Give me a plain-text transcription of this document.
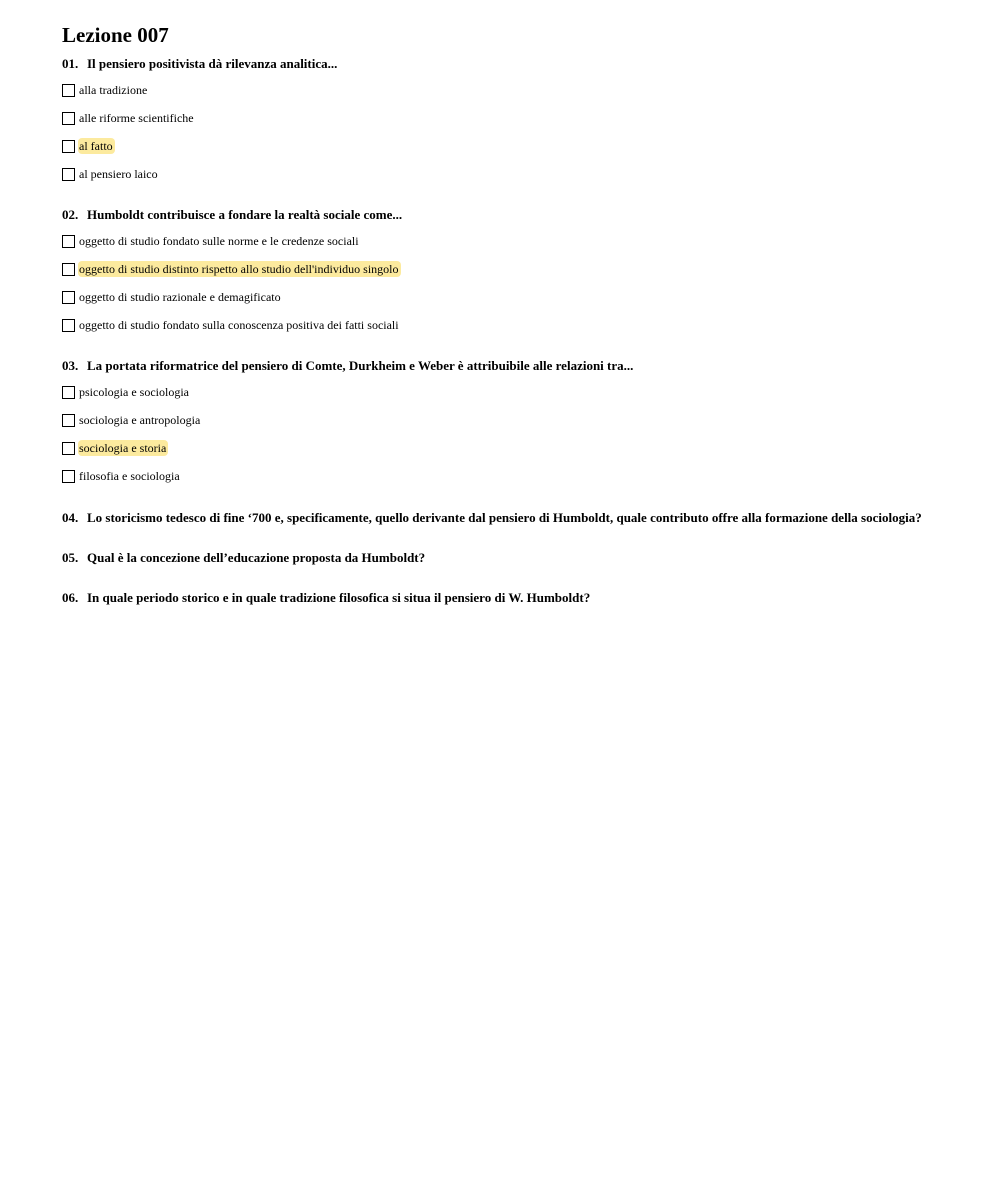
Lezione 007
01. Il pensiero positivista dà rilevanza analitica...
alla tradizione
alle riforme scientifiche
al fatto
al pensiero laico
02. Humboldt contribuisce a fondare la realtà sociale come...
oggetto di studio fondato sulle norme e le credenze sociali
oggetto di studio distinto rispetto allo studio dell'individuo singolo
oggetto di studio razionale e demagificato
oggetto di studio fondato sulla conoscenza positiva dei fatti sociali
03. La portata riformatrice del pensiero di Comte, Durkheim e Weber è attribuibile alle relazioni tra...
psicologia e sociologia
sociologia e antropologia
sociologia e storia
filosofia e sociologia
04. Lo storicismo tedesco di fine ‘700 e, specificamente, quello derivante dal pensiero di Humboldt, quale contributo offre alla formazione della sociologia?
05. Qual è la concezione dell’educazione proposta da Humboldt?
06. In quale periodo storico e in quale tradizione filosofica si situa il pensiero di W. Humboldt?
